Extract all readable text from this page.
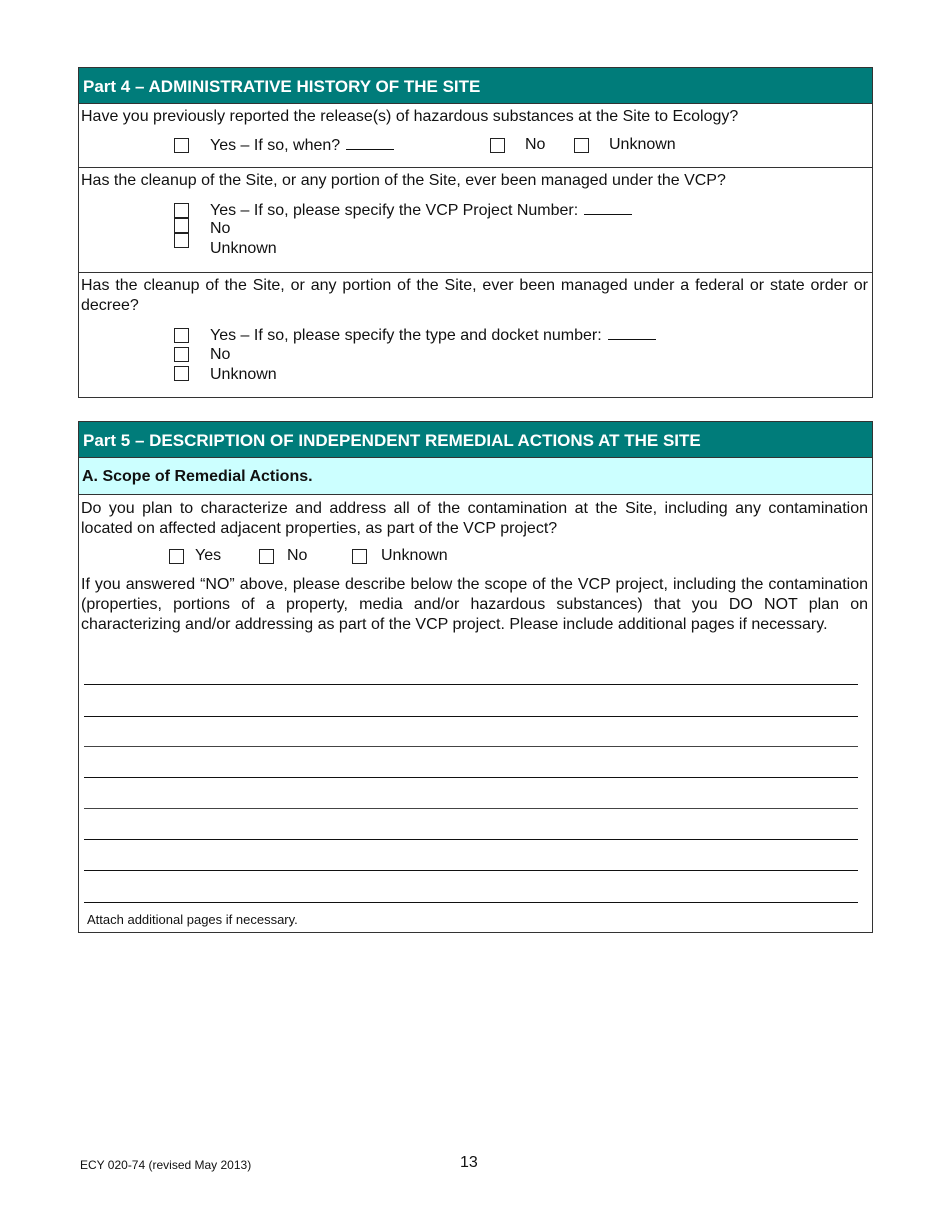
Part 4 – ADMINISTRATIVE HISTORY OF THE SITE
Have you previously reported the release(s) of hazardous substances at the Site to Ecology?
Yes – If so, when?	No	Unknown
Has the cleanup of the Site, or any portion of the Site, ever been managed under the VCP?
Yes – If so, please specify the VCP Project Number:
No
Unknown
Has the cleanup of the Site, or any portion of the Site, ever been managed under a federal or state order or decree?
Yes – If so, please specify the type and docket number:
No
Unknown
Part 5 – DESCRIPTION OF INDEPENDENT REMEDIAL ACTIONS AT THE SITE
A. Scope of Remedial Actions.
Do you plan to characterize and address all of the contamination at the Site, including any contamination located on affected adjacent properties, as part of the VCP project?
Yes	No	Unknown
If you answered “NO” above, please describe below the scope of the VCP project, including the contamination (properties, portions of a property, media and/or hazardous substances) that you DO NOT plan on characterizing and/or addressing as part of the VCP project. Please include additional pages if necessary.
Attach additional pages if necessary.
ECY 020-74 (revised May 2013)	13
